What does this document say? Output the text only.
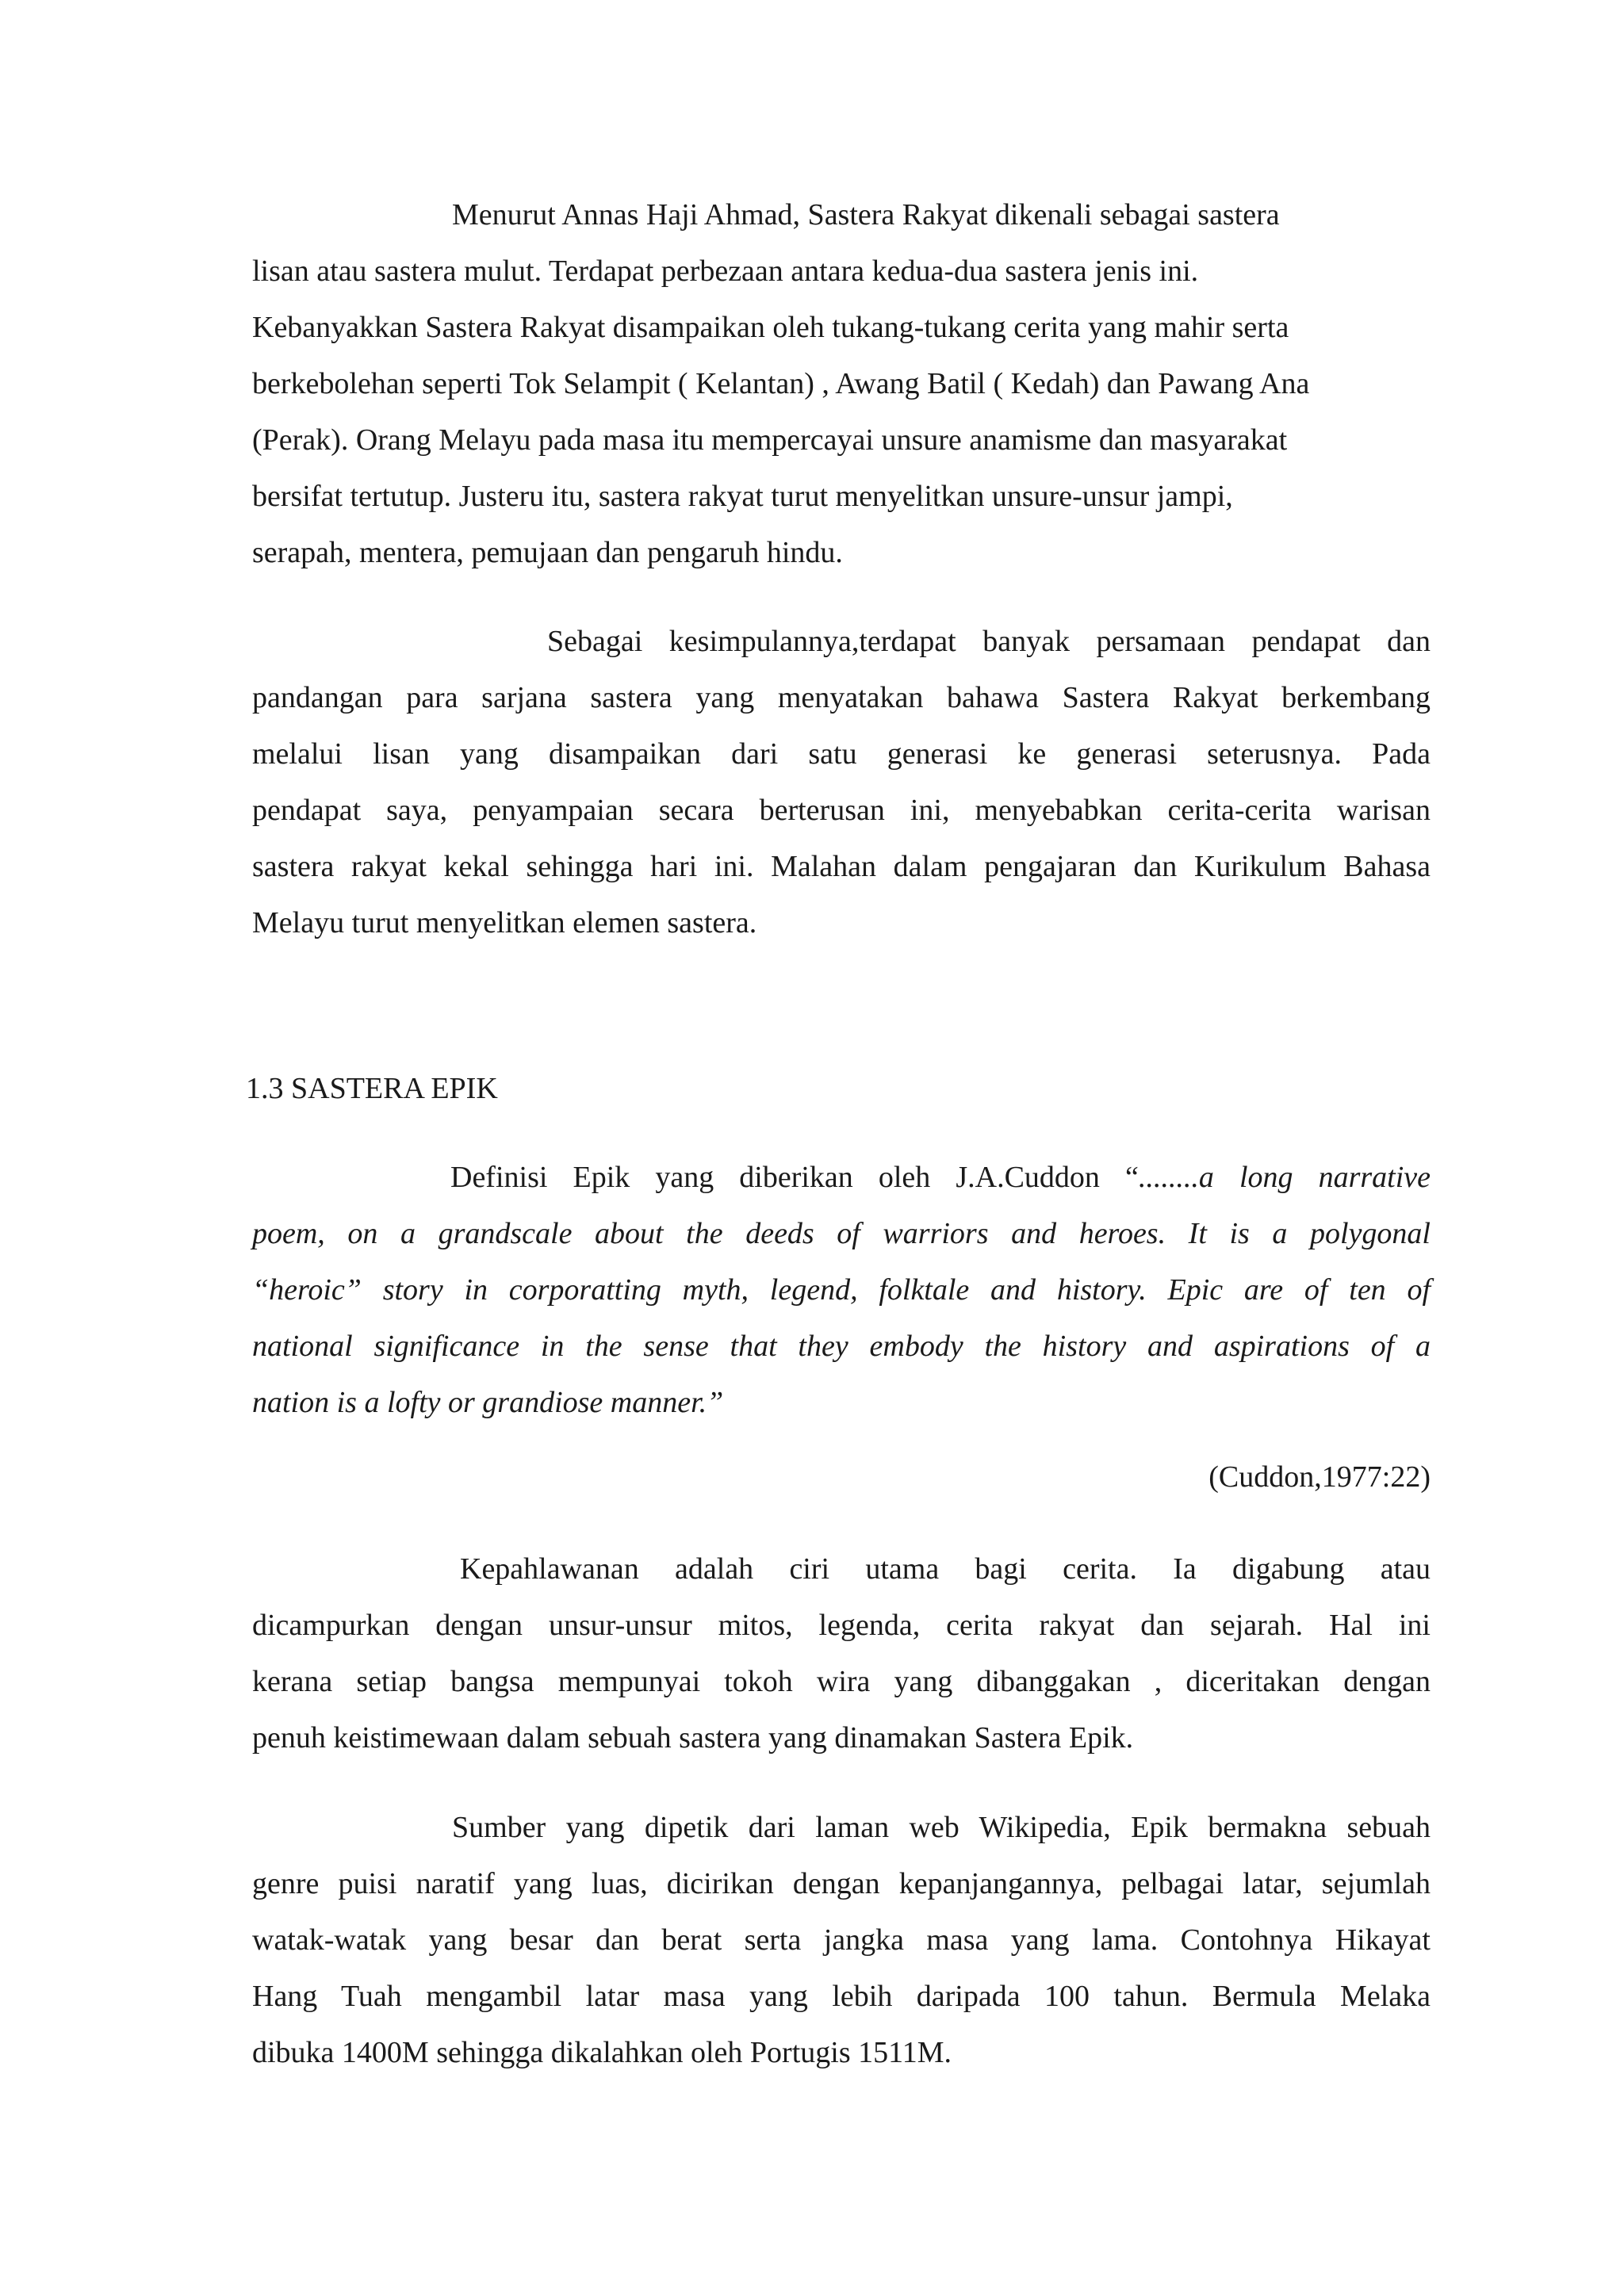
Menurut Annas Haji Ahmad, Sastera Rakyat dikenali sebagai sastera
lisan atau sastera mulut. Terdapat perbezaan antara kedua-dua sastera jenis ini.
Kebanyakkan Sastera Rakyat disampaikan oleh tukang-tukang cerita yang mahir serta
berkebolehan seperti Tok Selampit ( Kelantan) , Awang Batil ( Kedah) dan Pawang Ana
(Perak). Orang Melayu pada masa itu mempercayai unsure anamisme dan masyarakat
bersifat tertutup. Justeru itu, sastera rakyat turut menyelitkan unsure-unsur jampi,
serapah, mentera, pemujaan dan pengaruh hindu.
Sebagai kesimpulannya,terdapat banyak persamaan pendapat dan
pandangan para sarjana sastera yang menyatakan bahawa Sastera Rakyat berkembang
melalui lisan yang disampaikan dari satu generasi ke generasi seterusnya. Pada
pendapat saya, penyampaian secara berterusan ini, menyebabkan cerita-cerita warisan
sastera rakyat kekal sehingga hari ini. Malahan dalam pengajaran dan Kurikulum Bahasa
Melayu turut menyelitkan elemen sastera.
1.3 SASTERA EPIK
Definisi Epik yang diberikan oleh J.A.Cuddon “........a long narrative
poem, on a grandscale about the deeds of warriors and heroes. It is a polygonal
“heroic” story in corporatting myth, legend, folktale and history. Epic are of ten of
national significance in the sense that they embody the history and aspirations of a
nation is a lofty or grandiose manner.”
(Cuddon,1977:22)
Kepahlawanan adalah ciri utama bagi cerita. Ia digabung atau
dicampurkan dengan unsur-unsur mitos, legenda, cerita rakyat dan sejarah. Hal ini
kerana setiap bangsa mempunyai tokoh wira yang dibanggakan , diceritakan dengan
penuh keistimewaan dalam sebuah sastera yang dinamakan Sastera Epik.
Sumber yang dipetik dari laman web Wikipedia, Epik bermakna sebuah
genre puisi naratif yang luas, dicirikan dengan kepanjangannya, pelbagai latar, sejumlah
watak-watak yang besar dan berat serta jangka masa yang lama. Contohnya Hikayat
Hang Tuah mengambil latar masa yang lebih daripada 100 tahun. Bermula Melaka
dibuka 1400M sehingga dikalahkan oleh Portugis 1511M.
